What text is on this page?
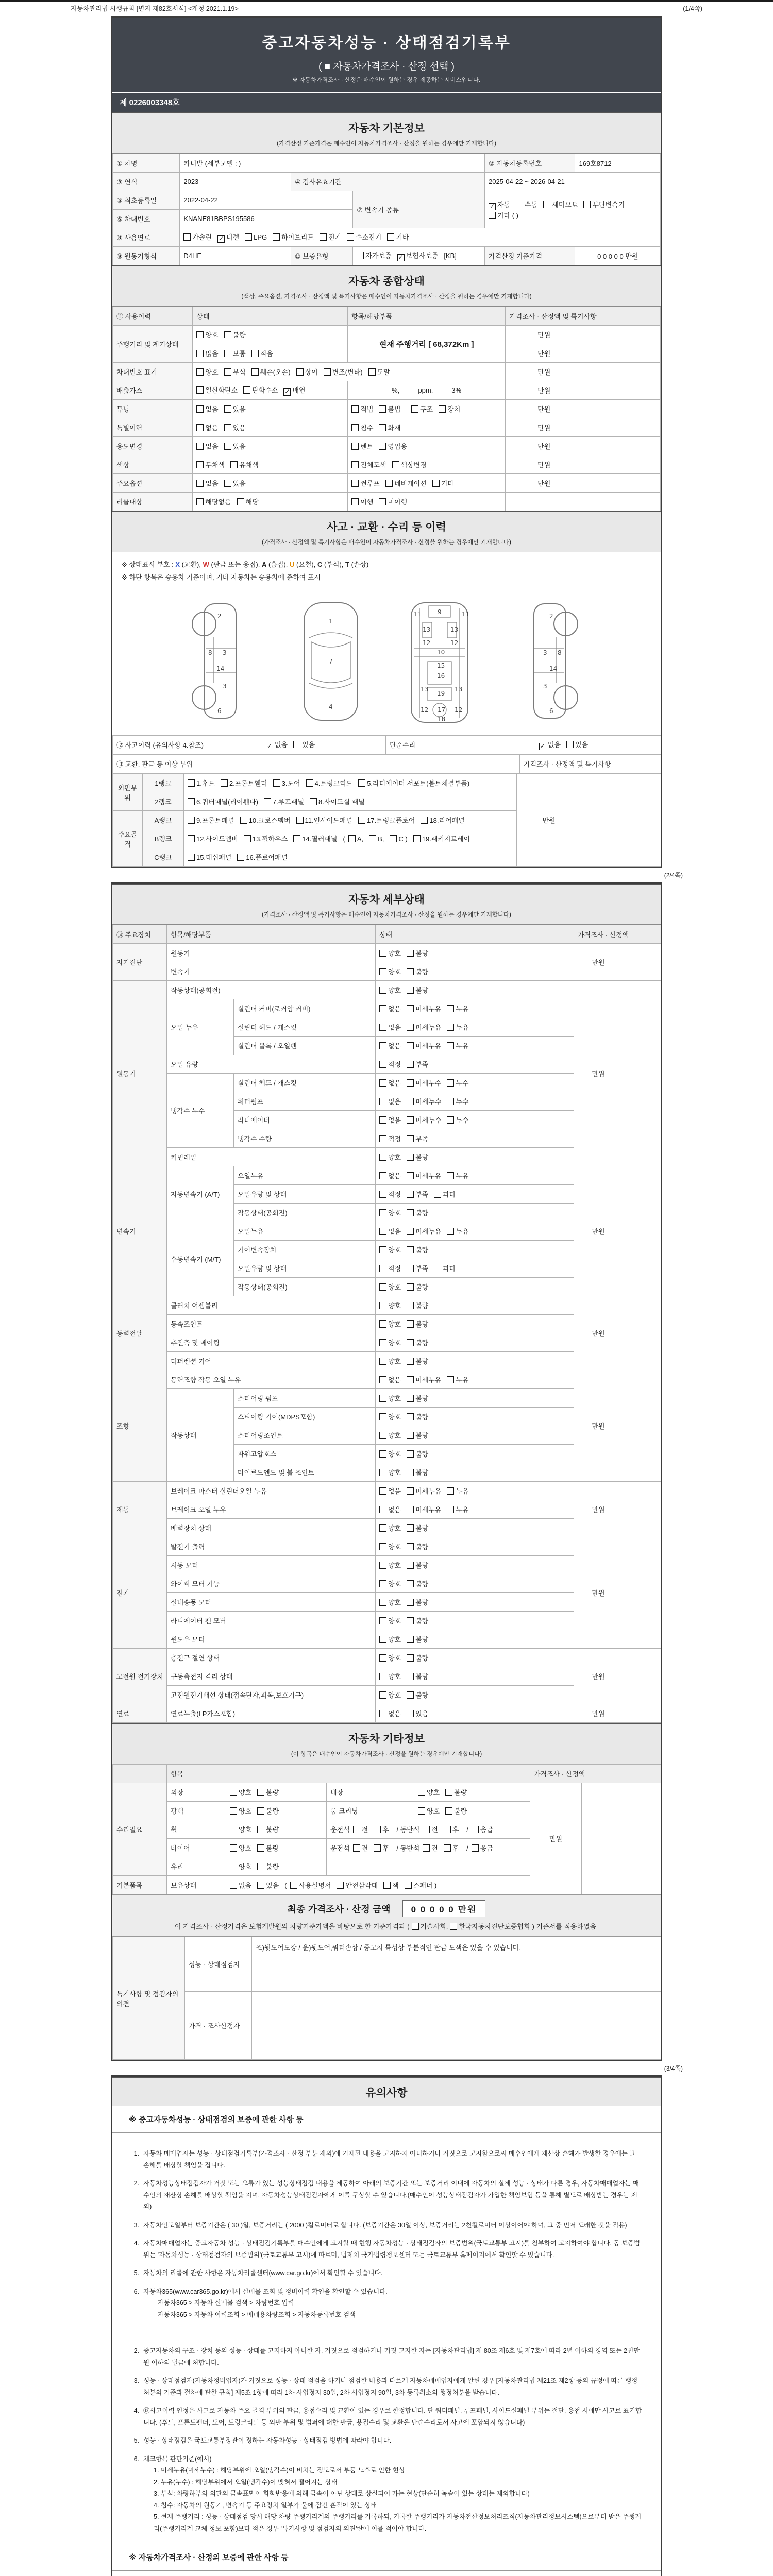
자동차관리법 시행규칙 [별지 제82호서식] <개정 2021.1.19>	(1/4쪽)
중고자동차성능 · 상태점검기록부
( ■ 자동차가격조사 · 산정 선택 )
※ 자동차가격조사 · 산정은 매수인이 원하는 경우 제공하는 서비스입니다.
제 0226003348호
자동차 기본정보
(가격산정 기준가격은 매수인이 자동차가격조사 · 산정을 원하는 경우에만 기재합니다)
① 차명	카니발 (세부모델 : )			② 자동차등록번호	169호8712
③ 연식	2023	④ 검사유효기간		2025-04-22 ~ 2026-04-21	
⑤ 최초등록일	2022-04-22		⑦ 변속기 종류	✓ 자동 수동 세미오토 무단변속기기타 ( )	
⑥ 차대번호	KNANE81BBPS195586				
⑧ 사용연료	가솔린 ✓ 디젤 LPG 하이브리드 전기 수소전기 기타				
⑨ 원동기형식	D4HE	⑩ 보증유형	자가보증 ✓ 보험사보증 [KB]	가격산정 기준가격	0 0 0 0 0 만원
자동차 종합상태
(색상, 주요옵션, 가격조사 · 산정액 및 특기사항은 매수인이 자동차가격조사 · 산정을 원하는 경우에만 기재합니다)
⑪ 사용이력	상태	항목/해당부품	가격조사 · 산정액 및 특기사항	
주행거리 및 계기상태	양호 불량	현재 주행거리 [ 68,372Km ]	만원	
	많음 보통 적음		만원	
차대번호 표기	양호 부식 훼손(오손) 상이 변조(변타) 도말		만원	
배출가스	일산화탄소 탄화수소 ✓ 매연	%,          ppm,          3%	만원	
튜닝	없음 있음	적법 불법 구조 장치	만원	
특별이력	없음 있음	침수 화재	만원	
용도변경	없음 있음	렌트 영업용	만원	
색상	무채색 유채색	전체도색 색상변경	만원	
주요옵션	없음 있음	썬루프 네비게이션 기타	만원	
리콜대상	해당없음 해당	이행 미이행		
사고 · 교환 · 수리 등 이력
(가격조사 · 산정액 및 특기사항은 매수인이 자동차가격조사 · 산정을 원하는 경우에만 기재합니다)
※ 상태표시 부호 : X (교환), W (판금 또는 용접), A (흠집), U (요철), C (부식), T (손상)
※ 하단 항목은 승용차 기준이며, 기타 자동차는 승용차에 준하여 표시
2
8 3
14
3
6
1
7
4
9
11	11
13	13
12	12
10
15
16
19
13	13
12	12
17
18
2
3 8
14
3
6
⑫ 사고이력 (유의사항 4.참조)	✓ 없음 있음	단순수리	✓ 없음 있음
⑬ 교환, 판금 등 이상 부위	가격조사 · 산정액 및 특기사항
외판부위	1랭크	1.후드 2.프론트휀더 3.도어 4.트렁크리드 5.라디에이터 서포트(볼트체결부품)	만원	
	2랭크	6.쿼터패널(리어휀다) 7.루프패널 8.사이드실 패널		
주요골격	A랭크	9.프론트패널 10.크로스멤버 11.인사이드패널 17.트렁크플로어 18.리어패널		
	B랭크	12.사이드멤버 13.휠하우스 14.필러패널 ( A, B, C ) 19.패키지트레이		
	C랭크	15.대쉬패널 16.플로어패널		
(2/4쪽)
자동차 세부상태
(가격조사 · 산정액 및 특기사항은 매수인이 자동차가격조사 · 산정을 원하는 경우에만 기재합니다)
⑭ 주요장치	항목/해당부품		상태	가격조사 · 산정액	
자기진단	원동기		양호 불량	만원	
	변속기		양호 불량		
원동기	작동상태(공회전)		양호 불량	만원	
	오일 누유	실린더 커버(로커암 커버)	없음 미세누유 누유		
		실린더 헤드 / 개스킷	없음 미세누유 누유		
		실린더 블록 / 오일팬	없음 미세누유 누유		
	오일 유량		적정 부족		
	냉각수 누수	실린더 헤드 / 개스킷	없음 미세누수 누수		
		워터펌프	없음 미세누수 누수		
		라디에이터	없음 미세누수 누수		
		냉각수 수량	적정 부족		
	커먼레일		양호 불량		
변속기	자동변속기 (A/T)	오일누유	없음 미세누유 누유	만원	
		오일유량 및 상태	적정 부족 과다		
		작동상태(공회전)	양호 불량		
	수동변속기 (M/T)	오일누유	없음 미세누유 누유		
		기어변속장치	양호 불량		
		오일유량 및 상태	적정 부족 과다		
		작동상태(공회전)	양호 불량		
동력전달	클러치 어셈블리		양호 불량	만원	
	등속조인트		양호 불량		
	추진축 및 베어링		양호 불량		
	디퍼렌셜 기어		양호 불량		
조향	동력조향 작동 오일 누유		없음 미세누유 누유	만원	
	작동상태	스티어링 펌프	양호 불량		
		스티어링 기어(MDPS포함)	양호 불량		
		스티어링조인트	양호 불량		
		파워고압호스	양호 불량		
		타이로드엔드 및 볼 조인트	양호 불량		
제동	브레이크 마스터 실린더오일 누유		없음 미세누유 누유	만원	
	브레이크 오일 누유		없음 미세누유 누유		
	배력장치 상태		양호 불량		
전기	발전기 출력		양호 불량	만원	
	시동 모터		양호 불량		
	와이퍼 모터 기능		양호 불량		
	실내송풍 모터		양호 불량		
	라디에이터 팬 모터		양호 불량		
	윈도우 모터		양호 불량		
고전원 전기장치	충전구 절연 상태		양호 불량	만원	
	구동축전지 격리 상태		양호 불량		
	고전원전기배선 상태(접속단자,피복,보호기구)		양호 불량		
연료	연료누출(LP가스포함)		없음 있음	만원	
자동차 기타정보
(이 항목은 매수인이 자동차가격조사 · 산정을 원하는 경우에만 기재합니다)
	항목				가격조사 · 산정액	
수리필요	외장	양호 불량	내장	양호 불량	만원	
	광택	양호 불량	룸 크리닝	양호 불량		
	휠	양호 불량	운전석 전 후 / 동반석 전 후 / 응급			
	타이어	양호 불량	운전석 전 후 / 동반석 전 후 / 응급			
	유리	양호 불량				
기본품목	보유상태	없음 있음 ( 사용설명서 안전삼각대 잭 스패너 )				
최종 가격조사 · 산정 금액 0 0 0 0 0 만원
이 가격조사 · 산정가격은 보험개발원의 차량기준가액을 바탕으로 한 기준가격과 ( 기술사회, 한국자동차진단보증협회 ) 기준서를 적용하였음
특기사항 및 점검자의 의견	성능 · 상태점검자	조)뒷도어도장 / 운)뒷도어,쿼터손상 / 중고차 특성상 부분적인 판금 도색은 있을 수 있습니다.
	가격 · 조사산정자	
(3/4쪽)
유의사항
※ 중고자동차성능 · 상태점검의 보증에 관한 사항 등
1. 자동차 매매업자는 성능 · 상태점검기록부(가격조사 · 산정 부분 제외)에 기재된 내용을 고지하지 아니하거나 거짓으로 고지함으로써 매수인에게 재산상 손해가 발생한 경우에는 그 손해를 배상할 책임을 집니다.
2. 자동차성능상태점검자가 거짓 또는 오류가 있는 성능상태점검 내용을 제공하여 아래의 보증기간 또는 보증거리 이내에 자동차의 실제 성능 · 상태가 다른 경우, 자동차매매업자는 매수인의 재산상 손해를 배상할 책임을 지며, 자동차성능상태점검자에게 이를 구상할 수 있습니다.(매수인이 성능상태점검자가 가입한 책임보험 등을 통해 별도로 배상받는 경우는 제외)
3. 자동차인도일부터 보증기간은 ( 30 )일, 보증거리는 ( 2000 )킬로미터로 합니다. (보증기간은 30일 이상, 보증거리는 2천킬로미터 이상이어야 하며, 그 중 먼저 도래한 것을 적용)
4. 자동차매매업자는 중고자동차 성능 · 상태점검기록부를 매수인에게 고지할 때 현행 자동차성능 · 상태점검자의 보증범위(국토교통부 고시)를 첨부하여 고지하여야 합니다. 동 보증범위는 '자동차성능 · 상태점검자의 보증범위'(국토교통부 고시)에 따르며, 법제처 국가법령정보센터 또는 국토교통부 홈페이지에서 확인할 수 있습니다.
5. 자동차의 리콜에 관한 사항은 자동차리콜센터(www.car.go.kr)에서 확인할 수 있습니다.
6. 자동차365(www.car365.go.kr)에서 실매물 조회 및 정비이력 확인을 확인할 수 있습니다.
- 자동차365 > 자동차 실매물 검색 > 차량번호 입력
- 자동차365 > 자동차 이력조회 > 매매용차량조회 > 자동차등록번호 검색
2. 중고자동차의 구조 · 장치 등의 성능 · 상태를 고지하지 아니한 자, 거짓으로 점검하거나 거짓 고지한 자는 [자동차관리법] 제 80조 제6호 및 제7호에 따라 2년 이하의 징역 또는 2천만원 이하의 벌금에 처합니다.
3. 성능 · 상태점검자(자동차정비업자)가 거짓으로 성능 · 상태 점검을 하거나 점검한 내용과 다르게 자동차매매업자에게 알린 경우 [자동차관리법 제21조 제2항 등의 규정에 따른 행정처분의 기준과 절차에 관한 규칙] 제5조 1항에 따라 1차 사업정지 30일, 2차 사업정지 90일, 3차 등록취소의 행정처분을 받습니다.
4. ⑫사고이력 인정은 사고로 자동차 주요 골격 부위의 판금, 용접수리 및 교환이 있는 경우로 한정합니다. 단 쿼터패널, 루프패널, 사이드실패널 부위는 절단, 용접 시에만 사고로 표기합니다. (후드, 프론트펜더, 도어, 트렁크리드 등 외판 부위 및 범퍼에 대한 판금, 용접수리 및 교환은 단순수리로서 사고에 포함되지 않습니다)
5. 성능 · 상태점검은 국토교통부장관이 정하는 자동차성능 · 상태점검 방법에 따라야 합니다.
6. 체크항목 판단기준(예시)
1. 미세누유(미세누수) : 해당부위에 오일(냉각수)이 비치는 정도로서 부품 노후로 인한 현상
2. 누유(누수) : 해당부위에서 오일(냉각수)이 맺혀서 떨어지는 상태
3. 부식: 차량하부와 외판의 금속표면이 화학반응에 의해 금속이 아닌 상태로 상실되어 가는 현상(단순히 녹슬어 있는 상태는 제외합니다)
4. 침수: 자동차의 원동기, 변속기 등 주요장치 일부가 물에 잠긴 흔적이 있는 상태
5. 현재 주행거리 : 성능 · 상태점검 당시 해당 차량 주행거리계의 주행거리를 기록하되, 기록한 주행거리가 자동차전산정보처리조직(자동차관리정보시스템)으로부터 받은 주행거리(주행거리계 교체 정보 포함)보다 적은 경우 '특기사항 및 점검자의 의견'란에 이를 적어야 합니다.
※ 자동차가격조사 · 산정의 보증에 관한 사항 등
